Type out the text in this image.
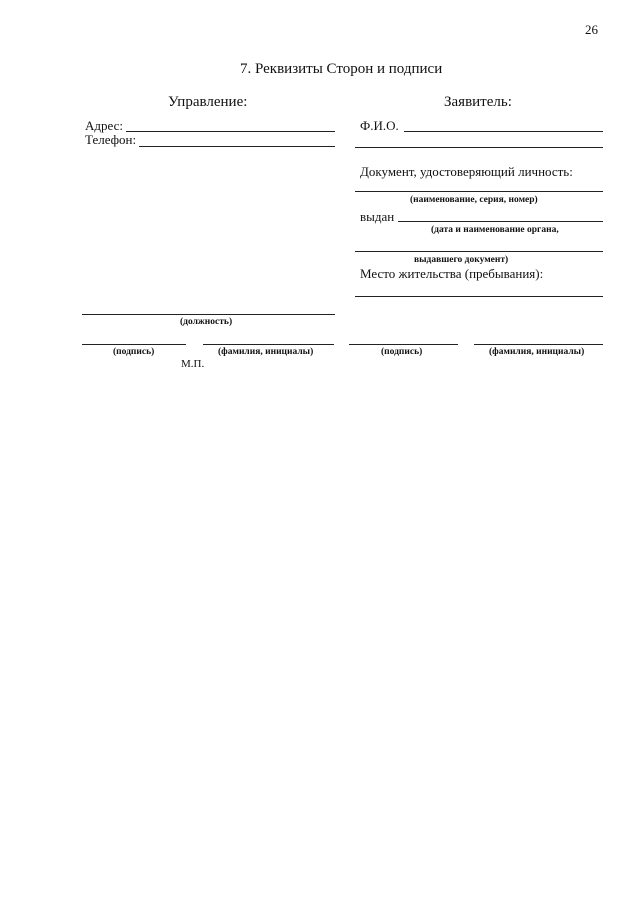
26
7. Реквизиты Сторон и подписи
Управление:
Адрес:
Телефон:
(должность)
(подпись)	(фамилия, инициалы)
М.П.
Заявитель:
Ф.И.О.
Документ, удостоверяющий личность:
(наименование, серия, номер)
выдан
(дата и наименование органа,
выдавшего документ)
Место жительства (пребывания):
(подпись)	(фамилия, инициалы)
